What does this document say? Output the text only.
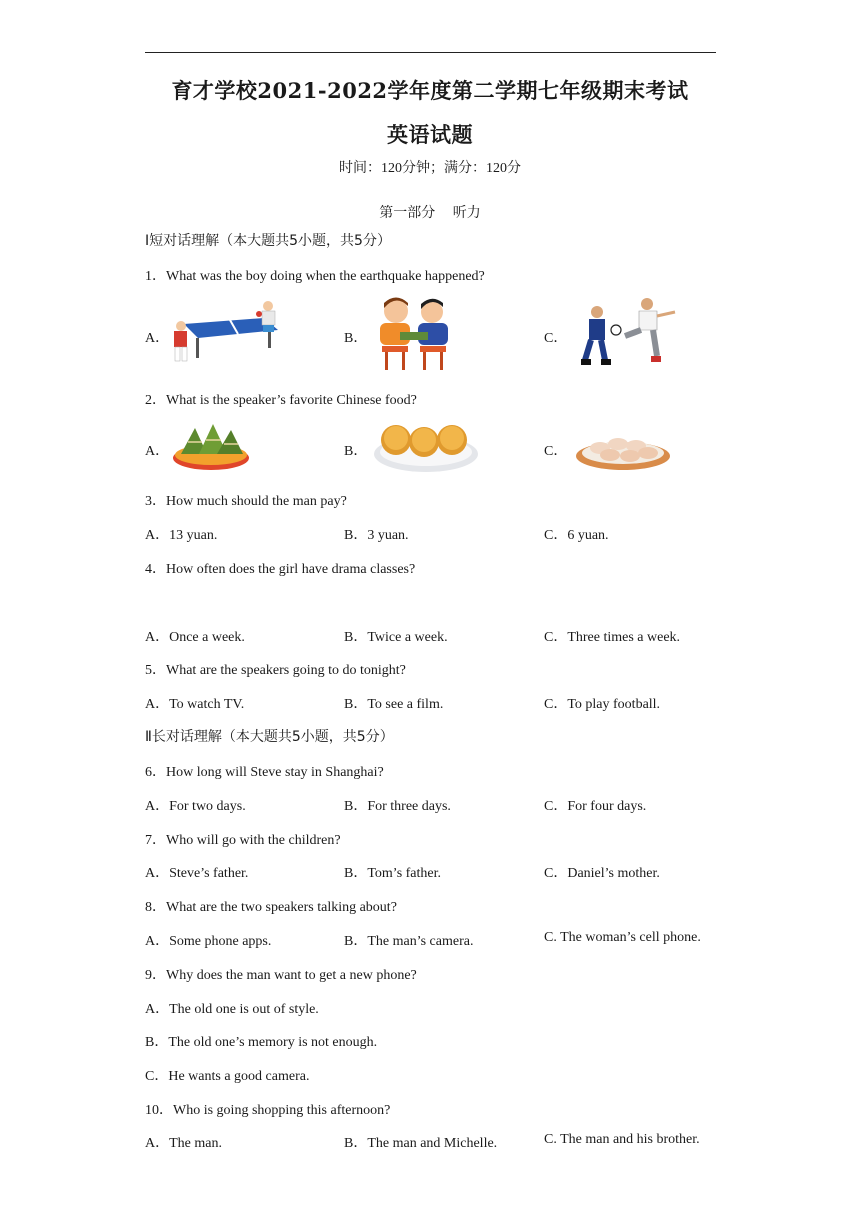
育才学校2021-2022学年度第二学期七年级期末考试
英语试题
时间：120分钟；满分：120分
第一部分　 听力
Ⅰ短对话理解（本大题共5小题，共5分）
1．What was the boy doing when the earthquake happened?
A．	B．	C．
2．What is the speaker’s favorite Chinese food?
A．	B．	C．
3．How much should the man pay?
A．13 yuan.	B．3 yuan.	C．6 yuan.
4．How often does the girl have drama classes?
A．Once a week.	B．Twice a week.	C．Three times a week.
5．What are the speakers going to do tonight?
A．To watch TV.	B．To see a film.	C．To play football.
Ⅱ长对话理解（本大题共5小题，共5分）
6．How long will Steve stay in Shanghai?
A．For two days.	B．For three days.	C．For four days.
7．Who will go with the children?
A．Steve’s father.	B．Tom’s father.	C．Daniel’s mother.
8．What are the two speakers talking about?
A．Some phone apps.	B．The man’s camera.	C. The woman’s cell phone.
9．Why does the man want to get a new phone?
A．The old one is out of style.
B．The old one’s memory is not enough.
C．He wants a good camera.
10．Who is going shopping this afternoon?
A．The man.	B．The man and Michelle.	C. The man and his brother.
